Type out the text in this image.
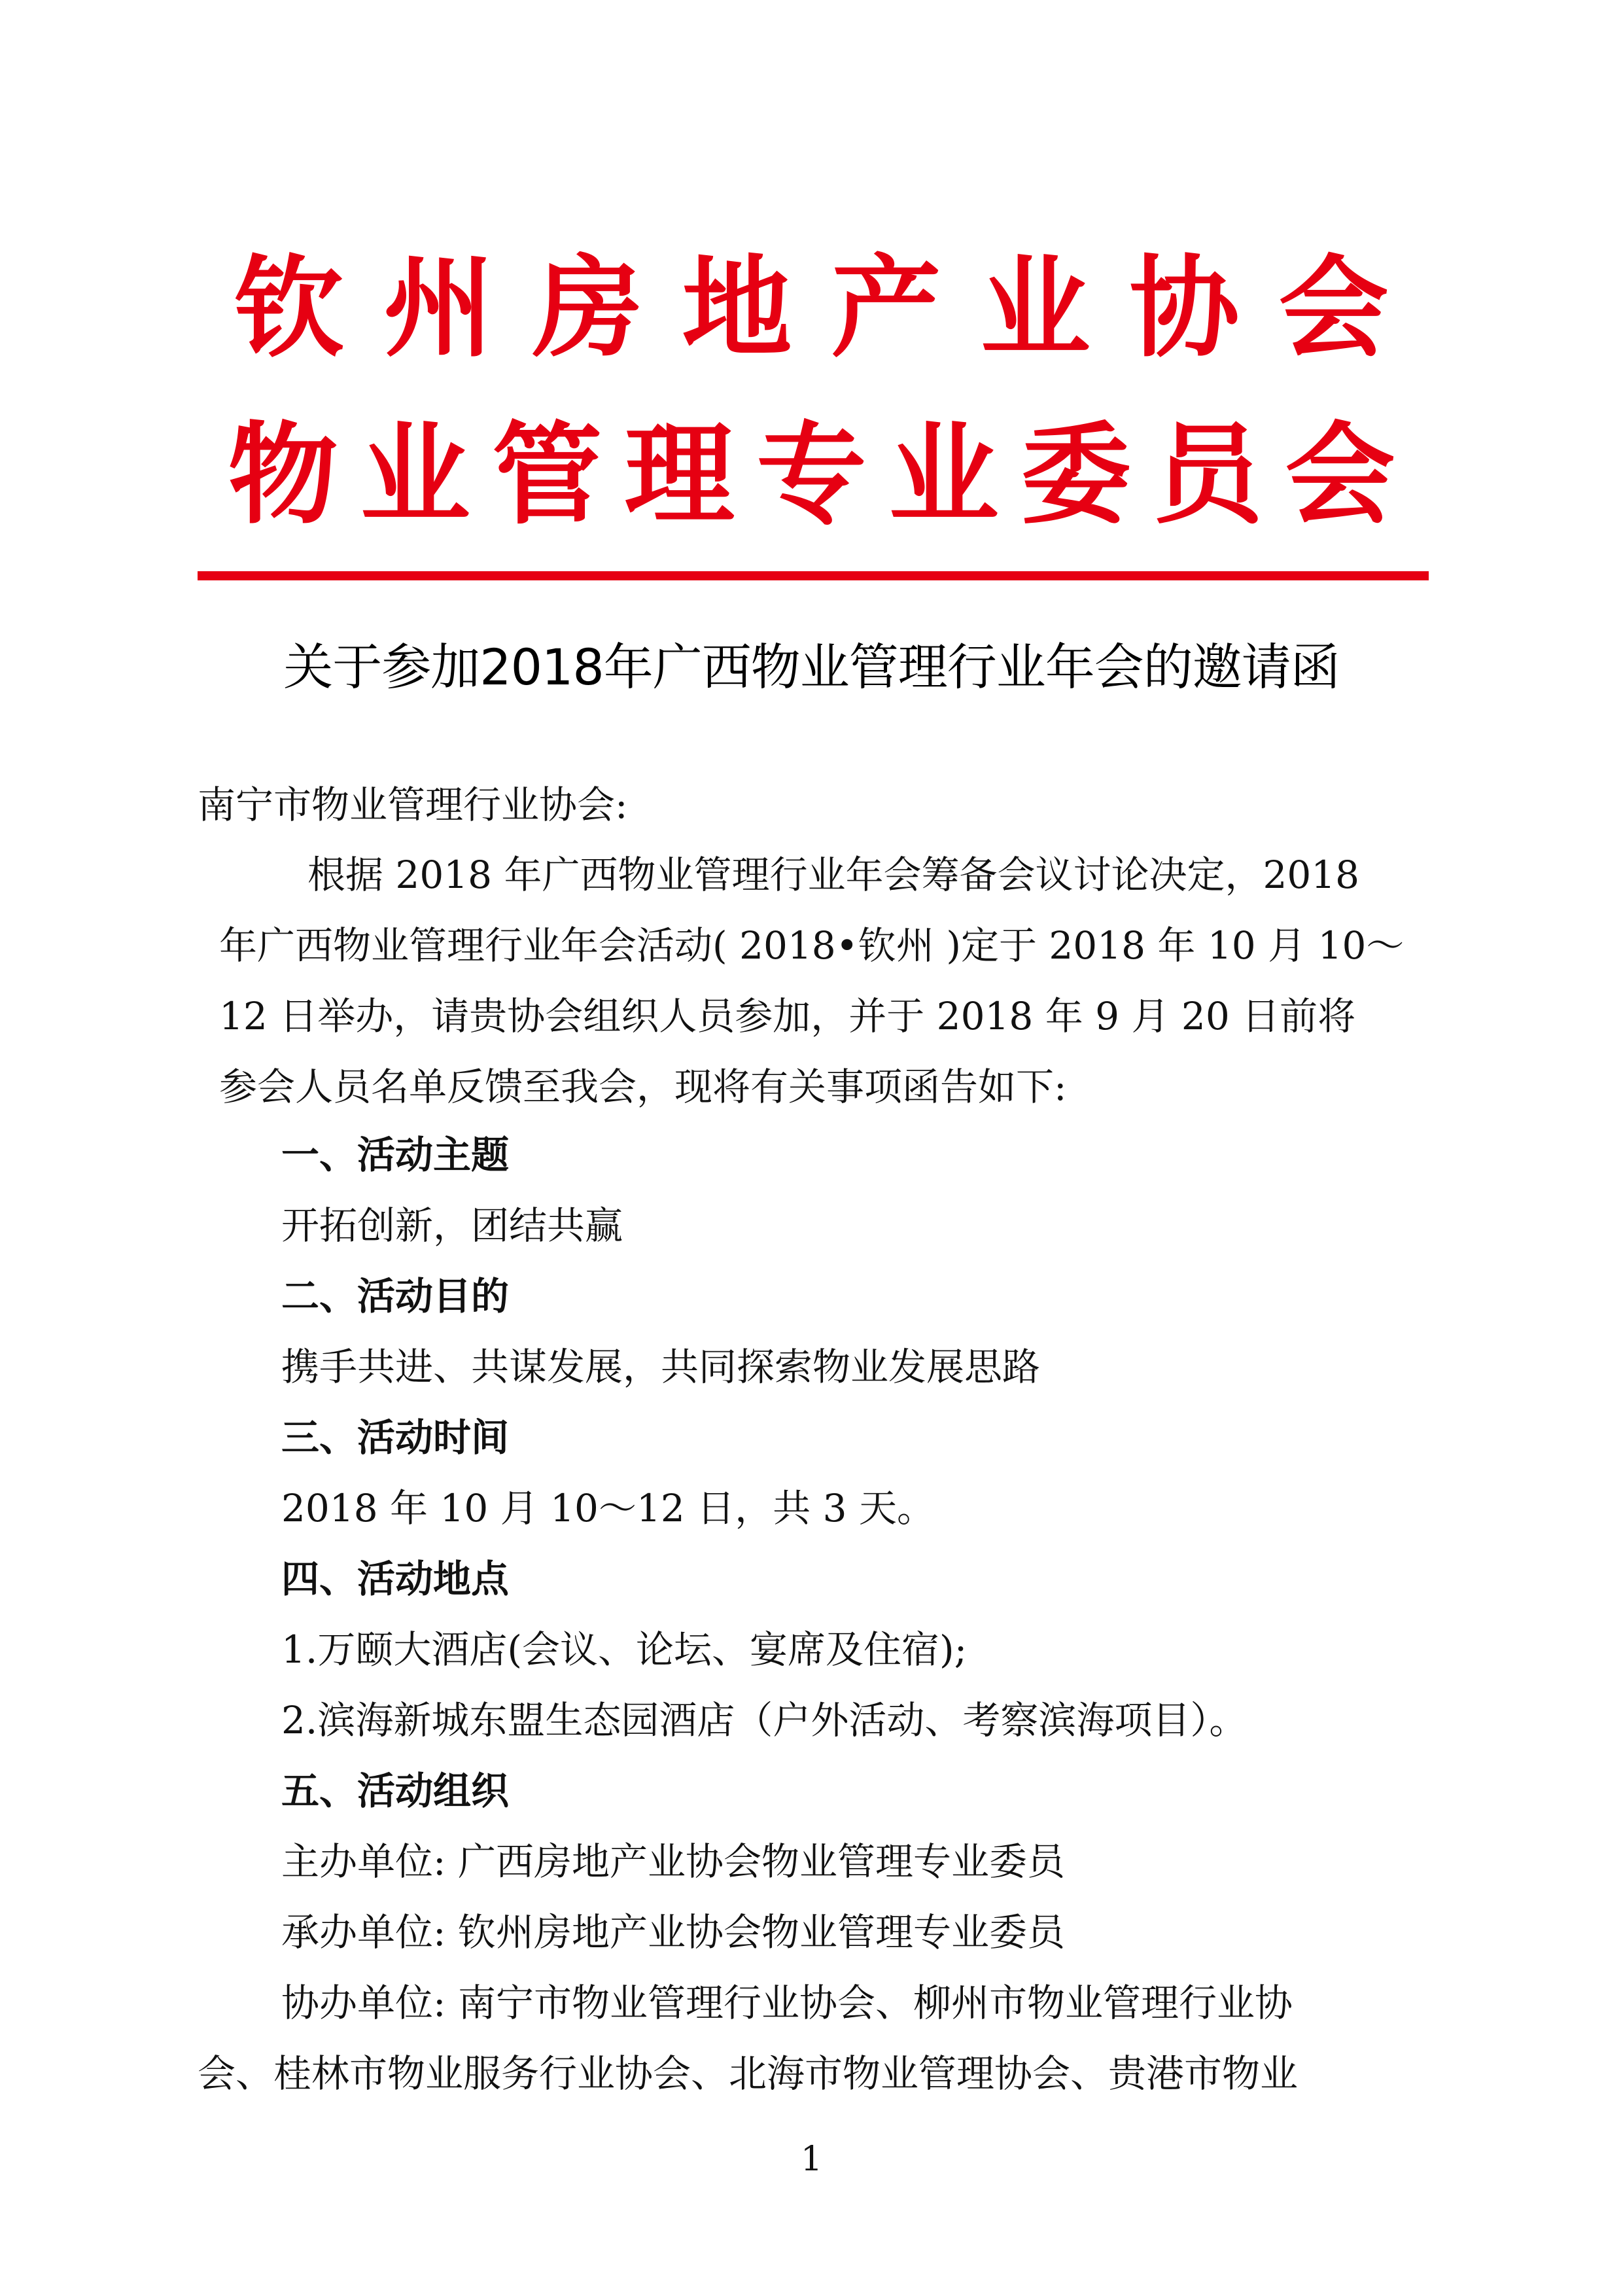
钦州房地产业协会
物业管理专业委员会
关于参加2018年广西物业管理行业年会的邀请函
南宁市物业管理行业协会:
根据 2018 年广西物业管理行业年会筹备会议讨论决定，2018
年广西物业管理行业年会活动( 2018•钦州 )定于 2018 年 10 月 10～
12 日举办，请贵协会组织人员参加，并于 2018 年 9 月 20 日前将
参会人员名单反馈至我会，现将有关事项函告如下:
一、活动主题
开拓创新，团结共赢
二、活动目的
携手共进、共谋发展，共同探索物业发展思路
三、活动时间
2018 年 10 月 10～12 日，共 3 天。
四、活动地点
1.万颐大酒店(会议、论坛、宴席及住宿);
2.滨海新城东盟生态园酒店（户外活动、考察滨海项目）。
五、活动组织
主办单位: 广西房地产业协会物业管理专业委员
承办单位: 钦州房地产业协会物业管理专业委员
协办单位: 南宁市物业管理行业协会、柳州市物业管理行业协
会、桂林市物业服务行业协会、北海市物业管理协会、贵港市物业
1
